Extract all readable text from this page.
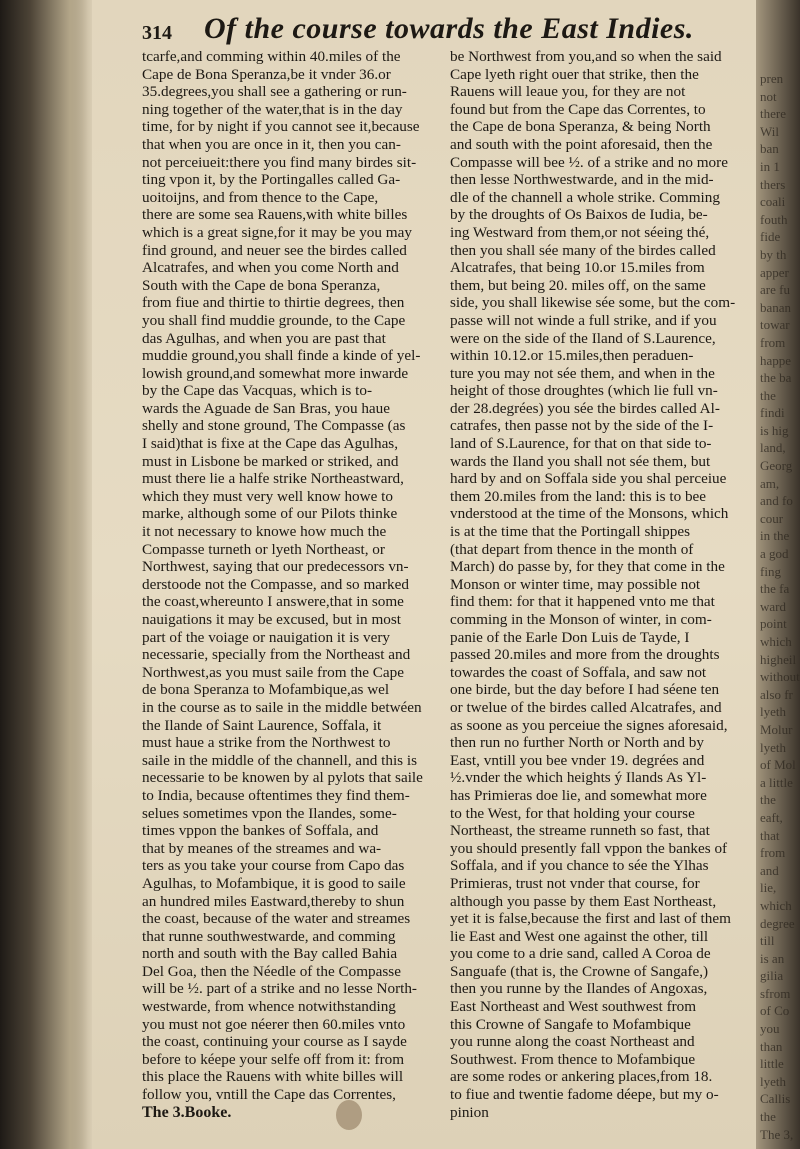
314 Of the course towards the East Indies.
tcarfe,and comming within 40.miles of the
Cape de Bona Speranza,be it vnder 36.or
35.degrees,you shall see a gathering or run-
ning together of the water,that is in the day
time, for by night if you cannot see it,because
that when you are once in it, then you can-
not perceiueit:there you find many birdes sit-
ting vpon it, by the Portingalles called Ga-
uoitoijns, and from thence to the Cape,
there are some sea Rauens,with white billes
which is a great signe,for it may be you may
find ground, and neuer see the birdes called
Alcatrafes, and when you come North and
South with the Cape de bona Speranza,
from fiue and thirtie to thirtie degrees, then
you shall find muddie grounde, to the Cape
das Agulhas, and when you are past that
muddie ground,you shall finde a kinde of yel-
lowish ground,and somewhat more inwarde
by the Cape das Vacquas, which is to-
wards the Aguade de San Bras, you haue
shelly and stone ground, The Compasse (as
I said)that is fixe at the Cape das Agulhas,
must in Lisbone be marked or striked, and
must there lie a halfe strike Northeastward,
which they must very well know howe to
marke, although some of our Pilots thinke
it not necessary to knowe how much the
Compasse turneth or lyeth Northeast, or
Northwest, saying that our predecessors vn-
derstoode not the Compasse, and so marked
the coast,whereunto I answere,that in some
nauigations it may be excused, but in most
part of the voiage or nauigation it is very
necessarie, specially from the Northeast and
Northwest,as you must saile from the Cape
de bona Speranza to Mofambique,as wel
in the course as to saile in the middle betwéen
the Ilande of Saint Laurence, Soffala, it
must haue a strike from the Northwest to
saile in the middle of the channell, and this is
necessarie to be knowen by al pylots that saile
to India, because oftentimes they find them-
selues sometimes vpon the Ilandes, some-
times vppon the bankes of Soffala, and
that by meanes of the streames and wa-
ters as you take your course from Capo das
Agulhas, to Mofambique, it is good to saile
an hundred miles Eastward,thereby to shun
the coast, because of the water and streames
that runne southwestwarde, and comming
north and south with the Bay called Bahia
Del Goa, then the Néedle of the Compasse
will be ½. part of a strike and no lesse North-
westwarde, from whence notwithstanding
you must not goe néerer then 60.miles vnto
the coast, continuing your course as I sayde
before to kéepe your selfe off from it: from
this place the Rauens with white billes will
follow you, vntill the Cape das Correntes,
The 3.Booke.
be Northwest from you,and so when the said
Cape lyeth right ouer that strike, then the
Rauens will leaue you, for they are not
found but from the Cape das Correntes, to
the Cape de bona Speranza, & being North
and south with the point aforesaid, then the
Compasse will bee ½. of a strike and no more
then lesse Northwestwarde, and in the mid-
dle of the channell a whole strike. Comming
by the droughts of Os Baixos de Iudia, be-
ing Westward from them,or not séeing thé,
then you shall sée many of the birdes called
Alcatrafes, that being 10.or 15.miles from
them, but being 20. miles off, on the same
side, you shall likewise sée some, but the com-
passe will not winde a full strike, and if you
were on the side of the Iland of S.Laurence,
within 10.12.or 15.miles,then peraduen-
ture you may not sée them, and when in the
height of those droughtes (which lie full vn-
der 28.degrées) you sée the birdes called Al-
catrafes, then passe not by the side of the I-
land of S.Laurence, for that on that side to-
wards the Iland you shall not sée them, but
hard by and on Soffala side you shal perceiue
them 20.miles from the land: this is to bee
vnderstood at the time of the Monsons, which
is at the time that the Portingall shippes
(that depart from thence in the month of
March) do passe by, for they that come in the
Monson or winter time, may possible not
find them: for that it happened vnto me that
comming in the Monson of winter, in com-
panie of the Earle Don Luis de Tayde, I
passed 20.miles and more from the droughts
towardes the coast of Soffala, and saw not
one birde, but the day before I had séene ten
or twelue of the birdes called Alcatrafes, and
as soone as you perceiue the signes aforesaid,
then run no further North or North and by
East, vntill you bee vnder 19. degrées and
½.vnder the which heights ý Ilands As Yl-
has Primieras doe lie, and somewhat more
to the West, for that holding your course
Northeast, the streame runneth so fast, that
you should presently fall vppon the bankes of
Soffala, and if you chance to sée the Ylhas
Primieras, trust not vnder that course, for
although you passe by them East Northeast,
yet it is false,because the first and last of them
lie East and West one against the other, till
you come to a drie sand, called A Coroa de
Sanguafe (that is, the Crowne of Sangafe,)
then you runne by the Ilandes of Angoxas,
East Northeast and West southwest from
this Crowne of Sangafe to Mofambique
you runne along the coast Northeast and
Southwest. From thence to Mofambique
are some rodes or ankering places,from 18.
to fiue and twentie fadome déepe, but my o-
pinion
pren
not
there
Wil
ban
in 1
thers
coali
fouth
fide
by th
apper
are fu
banan
towar
from
happe
the ba
the
findi
is hig
land,
Georg
am,
and fo
cour
in the
a god
fing
the fa
ward
point
which
higheil
without
also fr
lyeth
Molur
lyeth
of Mol
a little
the
eaft,
that
from
and
lie,
which
degree
till
is an
gilia
sfrom
of Co
you
than
little
lyeth
Callis
the
The 3,
